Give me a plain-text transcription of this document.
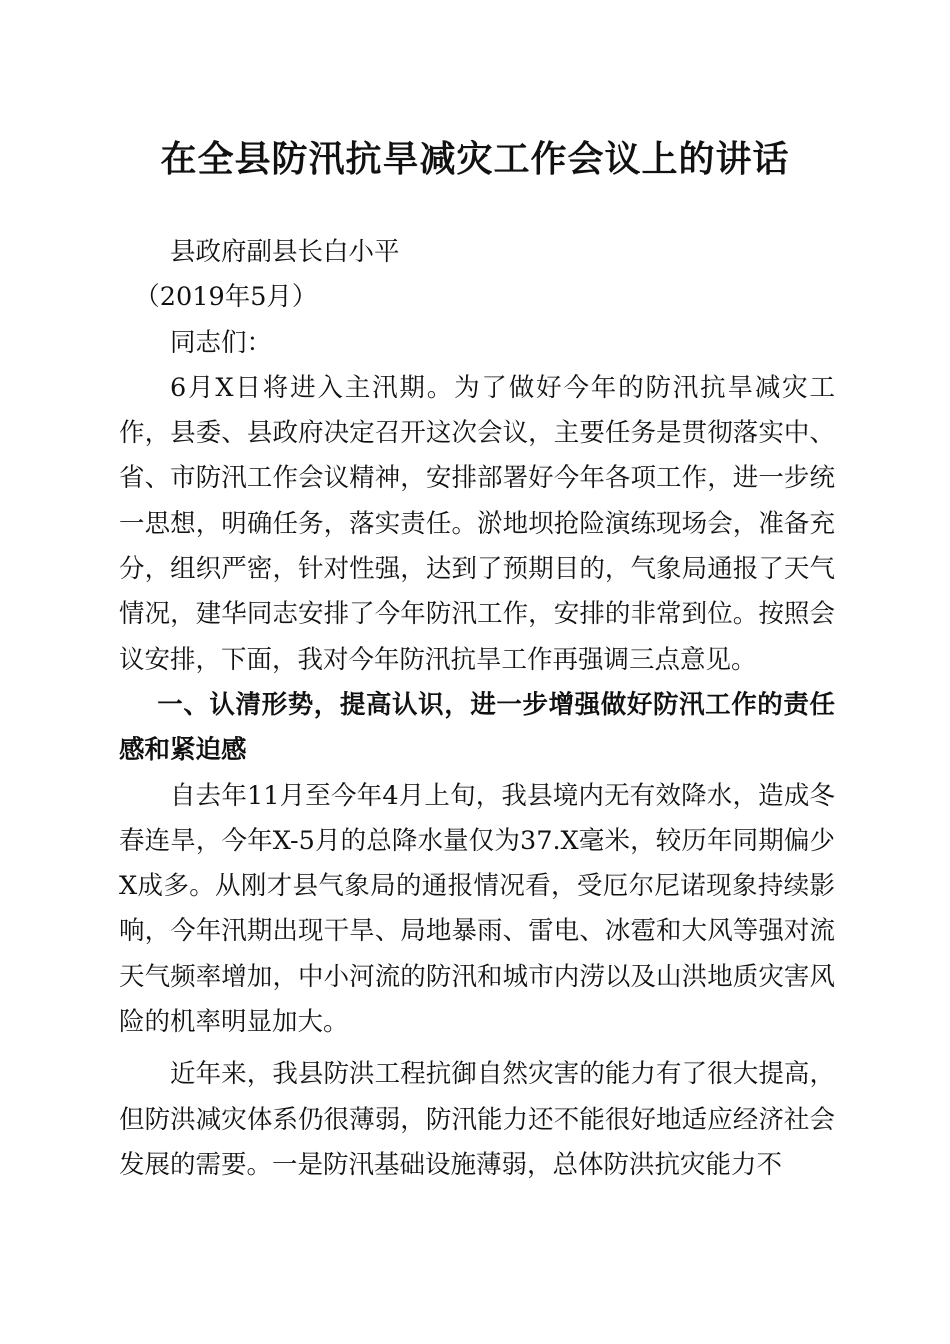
在全县防汛抗旱减灾工作会议上的讲话

县政府副县长白小平

（2019年5月）

同志们：

6月X日将进入主汛期。为了做好今年的防汛抗旱减灾工作，县委、县政府决定召开这次会议，主要任务是贯彻落实中、省、市防汛工作会议精神，安排部署好今年各项工作，进一步统一思想，明确任务，落实责任。淤地坝抢险演练现场会，准备充分，组织严密，针对性强，达到了预期目的，气象局通报了天气情况，建华同志安排了今年防汛工作，安排的非常到位。按照会议安排，下面，我对今年防汛抗旱工作再强调三点意见。

一、认清形势，提高认识，进一步增强做好防汛工作的责任感和紧迫感

自去年11月至今年4月上旬，我县境内无有效降水，造成冬春连旱，今年X-5月的总降水量仅为37.X毫米，较历年同期偏少X成多。从刚才县气象局的通报情况看，受厄尔尼诺现象持续影响，今年汛期出现干旱、局地暴雨、雷电、冰雹和大风等强对流天气频率增加，中小河流的防汛和城市内涝以及山洪地质灾害风险的机率明显加大。

近年来，我县防洪工程抗御自然灾害的能力有了很大提高，但防洪减灾体系仍很薄弱，防汛能力还不能很好地适应经济社会发展的需要。一是防汛基础设施薄弱，总体防洪抗灾能力不
